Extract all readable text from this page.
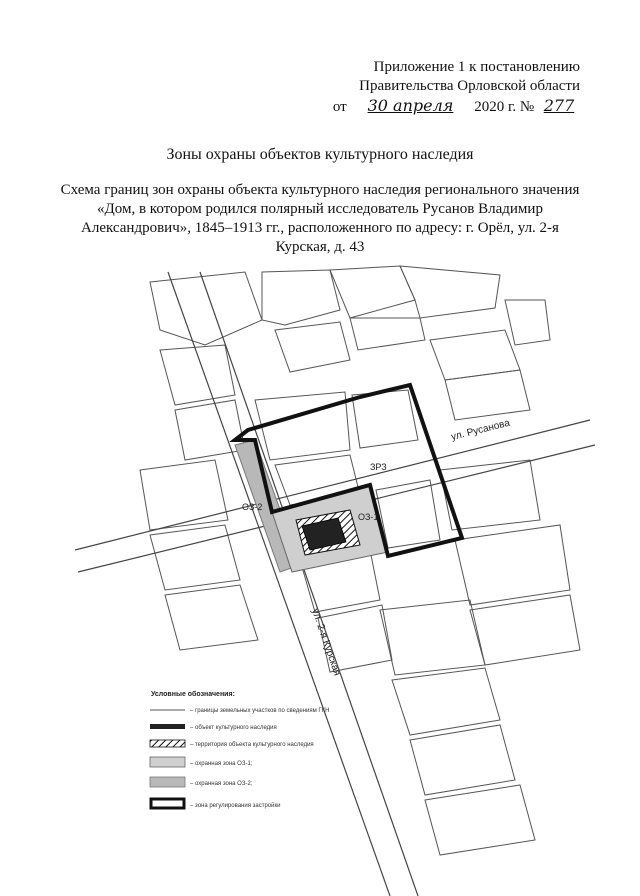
Приложение 1 к постановлению
Правительства Орловской области
от 30 апреля 2020 г. № 277
Зоны охраны объектов культурного наследия
Схема границ зон охраны объекта культурного наследия регионального значения «Дом, в котором родился полярный исследователь Русанов Владимир Александрович», 1845–1913 гг., расположенного по адресу: г. Орёл, ул. 2-я Курская, д. 43
ул. Русанова
ул. 2-я Курская
ЗРЗ
ОЗ-1
ОЗ-2
Условные обозначения:
– границы земельных участков по сведениям ГКН
– объект культурного наследия
– территория объекта культурного наследия
– охранная зона ОЗ-1;
– охранная зона ОЗ-2;
– зона регулирования застройки
